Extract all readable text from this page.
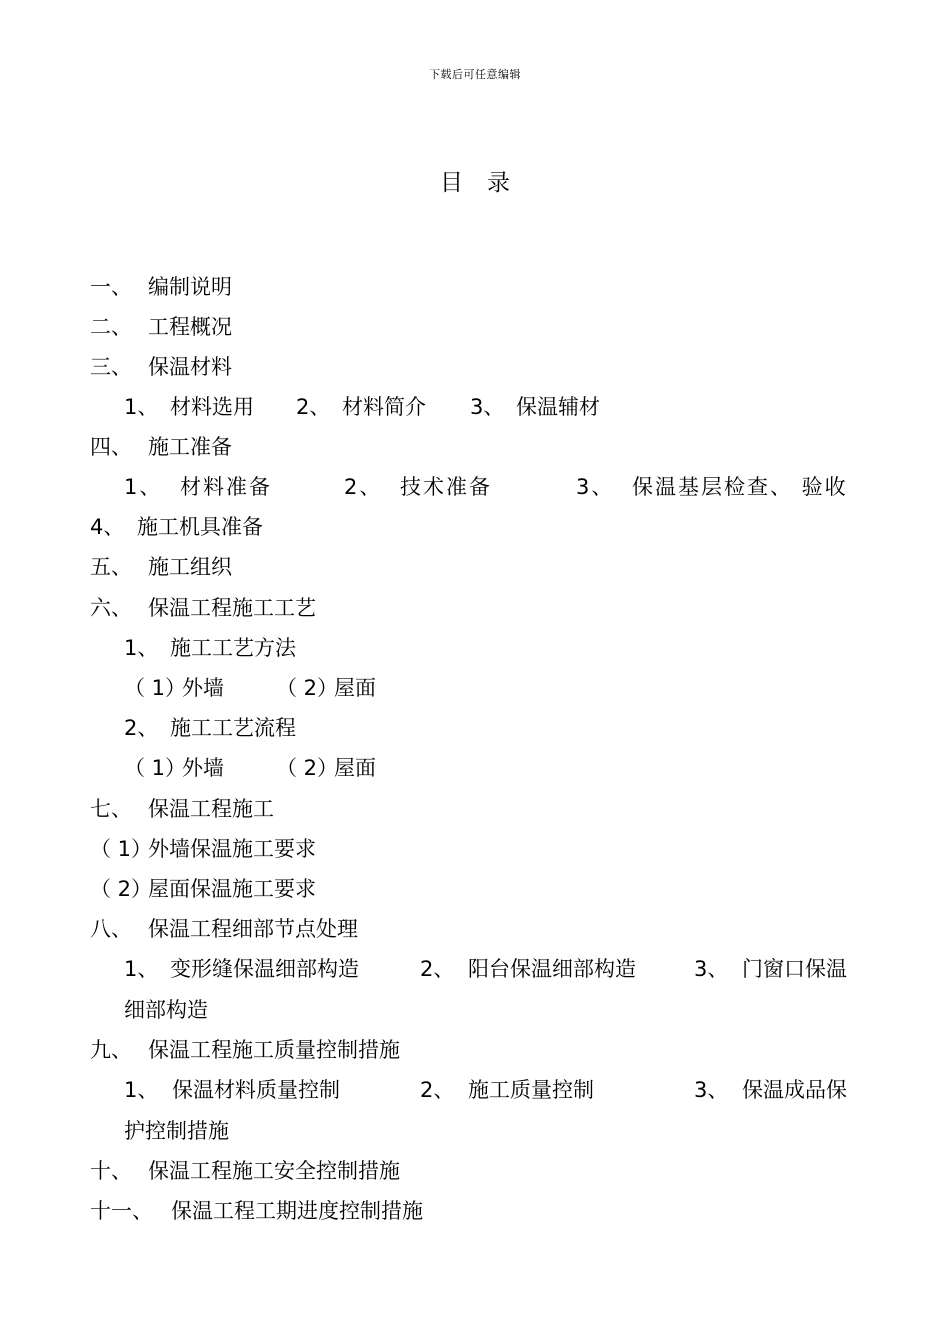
下载后可任意编辑
目 录
一、 编制说明
二、 工程概况
三、 保温材料
1、 材料选用 2、 材料简介 3、 保温辅材
四、 施工准备
1、 材料准备	2、 技术准备	3、 保温基层检查、 验收
4、 施工机具准备
五、 施工组织
六、 保温工程施工工艺
1、 施工工艺方法
（ 1）外墙 （ 2）屋面
2、 施工工艺流程
（ 1）外墙 （ 2）屋面
七、 保温工程施工
（ 1）外墙保温施工要求
（ 2）屋面保温施工要求
八、 保温工程细部节点处理
1、 变形缝保温细部构造	2、 阳台保温细部构造	3、 门窗口保温
细部构造
九、 保温工程施工质量控制措施
1、 保温材料质量控制	2、 施工质量控制	3、 保温成品保
护控制措施
十、 保温工程施工安全控制措施
十一、 保温工程工期进度控制措施
